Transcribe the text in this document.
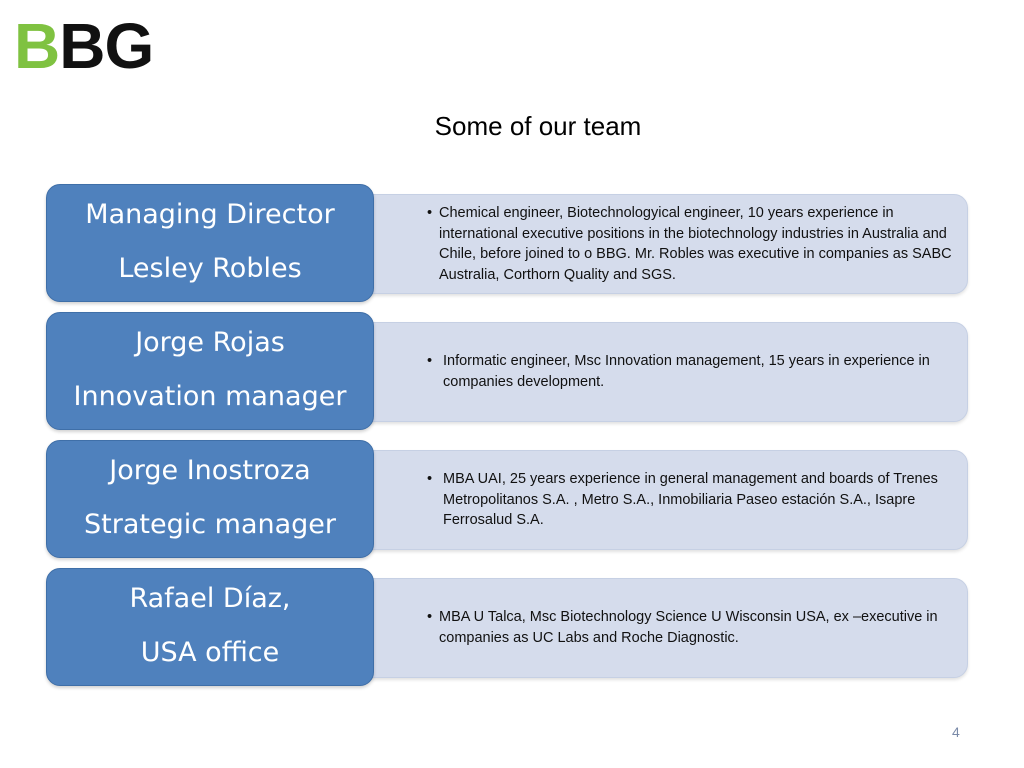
BBG
Some of our team
• Chemical engineer, Biotechnologyical engineer, 10 years experience in international executive positions in the biotechnology industries in Australia and Chile, before joined to o BBG. Mr. Robles was executive in companies as SABC Australia, Corthorn Quality and SGS.
Managing Director
Lesley Robles
• Informatic engineer, Msc Innovation management, 15 years in experience in companies development.
Jorge Rojas
Innovation manager
• MBA UAI, 25 years experience in general management and boards of Trenes Metropolitanos S.A. , Metro S.A., Inmobiliaria Paseo estación S.A., Isapre Ferrosalud S.A.
Jorge Inostroza
Strategic manager
• MBA U Talca, Msc Biotechnology Science U Wisconsin USA, ex –executive in companies as UC Labs and Roche Diagnostic.
Rafael Díaz,
USA office
4
